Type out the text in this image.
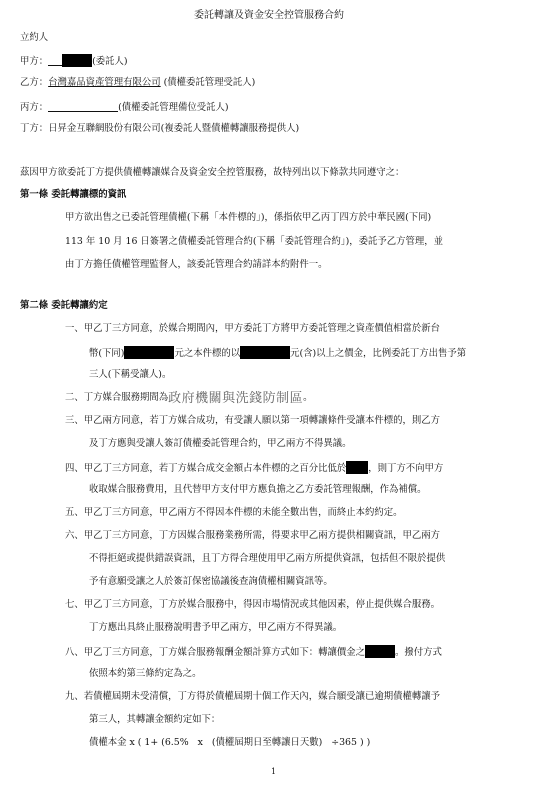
委託轉讓及資金安全控管服務合約
立約人
甲方：	(委託人)
乙方：台灣嘉品資產管理有限公司 (債權委託管理受託人)
丙方：	(債權委託管理備位受託人)
丁方：日昇金互聯網股份有限公司(複委託人暨債權轉讓服務提供人)
茲因甲方欲委託丁方提供債權轉讓媒合及資金安全控管服務，故特列出以下條款共同遵守之：
第一條 委託轉讓標的資訊
甲方欲出售之已委託管理債權(下稱「本件標的」)，係指依甲乙丙丁四方於中華民國(下同)
113 年 10 月 16 日簽署之債權委託管理合約(下稱「委託管理合約」)，委託予乙方管理，並
由丁方擔任債權管理監督人，該委託管理合約請詳本約附件一。
第二條 委託轉讓約定
一、甲乙丁三方同意，於媒合期間內，甲方委託丁方將甲方委託管理之資產價值相當於新台
幣(下同)	元之本件標的以	元(含)以上之價金，比例委託丁方出售予第
三人(下稱受讓人)。
二、丁方媒合服務期間為政府機關與洗錢防制區。
三、甲乙兩方同意，若丁方媒合成功，有受讓人願以第一項轉讓條件受讓本件標的，則乙方
及丁方應與受讓人簽訂債權委託管理合約，甲乙兩方不得異議。
四、甲乙丁三方同意，若丁方媒合成交金額占本件標的之百分比低於 ，則丁方不向甲方
收取媒合服務費用，且代替甲方支付甲方應負擔之乙方委託管理報酬，作為補償。
五、甲乙丁三方同意，甲乙兩方不得因本件標的未能全數出售，而終止本約約定。
六、甲乙丁三方同意，丁方因媒合服務業務所需，得要求甲乙兩方提供相關資訊，甲乙兩方
不得拒絕或提供錯誤資訊，且丁方得合理使用甲乙兩方所提供資訊，包括但不限於提供
予有意願受讓之人於簽訂保密協議後查詢債權相關資訊等。
七、甲乙丁三方同意，丁方於媒合服務中，得因市場情況或其他因素，停止提供媒合服務。
丁方應出具終止服務說明書予甲乙兩方，甲乙兩方不得異議。
八、甲乙丁三方同意，丁方媒合服務報酬金額計算方式如下：轉讓價金之	。撥付方式
依照本約第三條約定為之。
九、若債權屆期未受清償，丁方得於債權屆期十個工作天內，媒合願受讓已逾期債權轉讓予
第三人，其轉讓金額約定如下：
債權本金 x ( 1+ (6.5%   x   (債權屆期日至轉讓日天數)   ÷365 ) )
1
